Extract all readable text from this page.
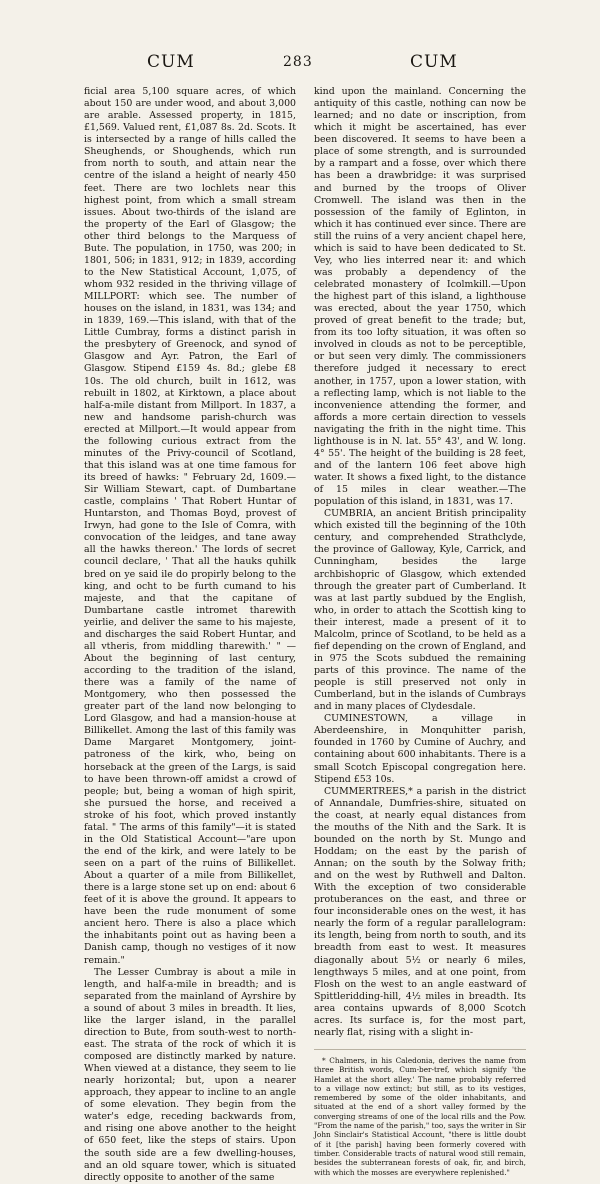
CUM	283	CUM

ficial area 5,100 square acres, of which about 150 are under wood, and about 3,000 are arable. Assessed property, in 1815, £1,569. Valued rent, £1,087 8s. 2d. Scots. It is intersected by a range of hills called the Sheughends, or Shoughends, which run from north to south, and attain near the centre of the island a height of nearly 450 feet. There are two lochlets near this highest point, from which a small stream issues. About two-thirds of the island are the property of the Earl of Glasgow; the other third belongs to the Marquess of Bute. The population, in 1750, was 200; in 1801, 506; in 1831, 912; in 1839, according to the New Statistical Account, 1,075, of whom 932 resided in the thriving village of MILLPORT: which see. The number of houses on the island, in 1831, was 134; and in 1839, 169.—This island, with that of the Little Cumbray, forms a distinct parish in the presbytery of Greenock, and synod of Glasgow and Ayr. Patron, the Earl of Glasgow. Stipend £159 4s. 8d.; glebe £8 10s. The old church, built in 1612, was rebuilt in 1802, at Kirktown, a place about half-a-mile distant from Millport. In 1837, a new and handsome parish-church was erected at Millport.—It would appear from the following curious extract from the minutes of the Privy-council of Scotland, that this island was at one time famous for its breed of hawks: " February 2d, 1609.—Sir William Stewart, capt. of Dumbartane castle, complains ' That Robert Huntar of Huntarston, and Thomas Boyd, provest of Irwyn, had gone to the Isle of Comra, with convocation of the leidges, and tane away all the hawks thereon.' The lords of secret council declare, ' That all the hauks quhilk bred on ye said ile do propirly belong to the king, and ocht to be furth cumand to his majeste, and that the capitane of Dumbartane castle intromet tharewith yeirlie, and deliver the same to his majeste, and discharges the said Robert Huntar, and all vtheris, from middling tharewith.' " —About the beginning of last century, according to the tradition of the island, there was a family of the name of Montgomery, who then possessed the greater part of the land now belonging to Lord Glasgow, and had a mansion-house at Billikellet. Among the last of this family was Dame Margaret Montgomery, joint-patroness of the kirk, who, being on horseback at the green of the Largs, is said to have been thrown-off amidst a crowd of people; but, being a woman of high spirit, she pursued the horse, and received a stroke of his foot, which proved instantly fatal. " The arms of this family"—it is stated in the Old Statistical Account—"are upon the end of the kirk, and were lately to be seen on a part of the ruins of Billikellet. About a quarter of a mile from Billikellet, there is a large stone set up on end: about 6 feet of it is above the ground. It appears to have been the rude monument of some ancient hero. There is also a place which the inhabitants point out as having been a Danish camp, though no vestiges of it now remain."

The Lesser Cumbray is about a mile in length, and half-a-mile in breadth; and is separated from the mainland of Ayrshire by a sound of about 3 miles in breadth. It lies, like the larger island, in the parallel direction to Bute, from south-west to north-east. The strata of the rock of which it is composed are distinctly marked by nature. When viewed at a distance, they seem to lie nearly horizontal; but, upon a nearer approach, they appear to incline to an angle of some elevation. They begin from the water's edge, receding backwards from, and rising one above another to the height of 650 feet, like the steps of stairs. Upon the south side are a few dwelling-houses, and an old square tower, which is situated directly opposite to another of the same

kind upon the mainland. Concerning the antiquity of this castle, nothing can now be learned; and no date or inscription, from which it might be ascertained, has ever been discovered. It seems to have been a place of some strength, and is surrounded by a rampart and a fosse, over which there has been a drawbridge: it was surprised and burned by the troops of Oliver Cromwell. The island was then in the possession of the family of Eglinton, in which it has continued ever since. There are still the ruins of a very ancient chapel here, which is said to have been dedicated to St. Vey, who lies interred near it: and which was probably a dependency of the celebrated monastery of Icolmkill.—Upon the highest part of this island, a lighthouse was erected, about the year 1750, which proved of great benefit to the trade; but, from its too lofty situation, it was often so involved in clouds as not to be perceptible, or but seen very dimly. The commissioners therefore judged it necessary to erect another, in 1757, upon a lower station, with a reflecting lamp, which is not liable to the inconvenience attending the former, and affords a more certain direction to vessels navigating the frith in the night time. This lighthouse is in N. lat. 55° 43', and W. long. 4° 55'. The height of the building is 28 feet, and of the lantern 106 feet above high water. It shows a fixed light, to the distance of 15 miles in clear weather.—The population of this island, in 1831, was 17.

CUMBRIA, an ancient British principality which existed till the beginning of the 10th century, and comprehended Strathclyde, the province of Galloway, Kyle, Carrick, and Cunningham, besides the large archbishopric of Glasgow, which extended through the greater part of Cumberland. It was at last partly subdued by the English, who, in order to attach the Scottish king to their interest, made a present of it to Malcolm, prince of Scotland, to be held as a fief depending on the crown of England, and in 975 the Scots subdued the remaining parts of this province. The name of the people is still preserved not only in Cumberland, but in the islands of Cumbrays and in many places of Clydesdale.

CUMINESTOWN, a village in Aberdeenshire, in Monquhitter parish, founded in 1760 by Cumine of Auchry, and containing about 600 inhabitants. There is a small Scotch Episcopal congregation here. Stipend £53 10s.

CUMMERTREES,* a parish in the district of Annandale, Dumfries-shire, situated on the coast, at nearly equal distances from the mouths of the Nith and the Sark. It is bounded on the north by St. Mungo and Hoddam; on the east by the parish of Annan; on the south by the Solway frith; and on the west by Ruthwell and Dalton. With the exception of two considerable protuberances on the east, and three or four inconsiderable ones on the west, it has nearly the form of a regular parallelogram: its length, being from north to south, and its breadth from east to west. It measures diagonally about 5½ or nearly 6 miles, lengthways 5 miles, and at one point, from Flosh on the west to an angle eastward of Spittleridding-hill, 4½ miles in breadth. Its area contains upwards of 8,000 Scotch acres. Its surface is, for the most part, nearly flat, rising with a slight in-

* Chalmers, in his Caledonia, derives the name from three British words, Cum-ber-tref, which signify 'the Hamlet at the short alley.' The name probably referred to a village now extinct; but still, as to its vestiges, remembered by some of the older inhabitants, and situated at the end of a short valley formed by the converging streams of one of the local rills and the Pow. "From the name of the parish," too, says the writer in Sir John Sinclair's Statistical Account, "there is little doubt of it [the parish] having been formerly covered with timber. Considerable tracts of natural wood still remain, besides the subterranean forests of oak, fir, and birch, with which the mosses are everywhere replenished."
